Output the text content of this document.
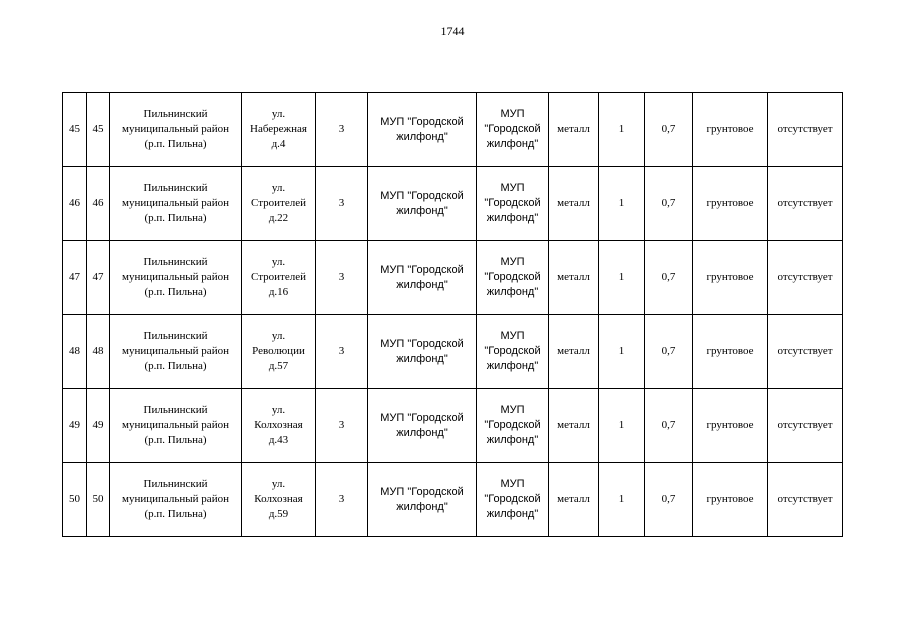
1744
45	45	Пильнинский
муниципальный район
(р.п. Пильна)	ул.
Набережная
д.4	3	МУП "Городской
жилфонд"	МУП
"Городской
жилфонд"	металл	1	0,7	грунтовое	отсутствует
46	46	Пильнинский
муниципальный район
(р.п. Пильна)	ул.
Строителей
д.22	3	МУП "Городской
жилфонд"	МУП
"Городской
жилфонд"	металл	1	0,7	грунтовое	отсутствует
47	47	Пильнинский
муниципальный район
(р.п. Пильна)	ул.
Строителей
д.16	3	МУП "Городской
жилфонд"	МУП
"Городской
жилфонд"	металл	1	0,7	грунтовое	отсутствует
48	48	Пильнинский
муниципальный район
(р.п. Пильна)	ул.
Революции
д.57	3	МУП "Городской
жилфонд"	МУП
"Городской
жилфонд"	металл	1	0,7	грунтовое	отсутствует
49	49	Пильнинский
муниципальный район
(р.п. Пильна)	ул.
Колхозная
д.43	3	МУП "Городской
жилфонд"	МУП
"Городской
жилфонд"	металл	1	0,7	грунтовое	отсутствует
50	50	Пильнинский
муниципальный район
(р.п. Пильна)	ул.
Колхозная
д.59	3	МУП "Городской
жилфонд"	МУП
"Городской
жилфонд"	металл	1	0,7	грунтовое	отсутствует
